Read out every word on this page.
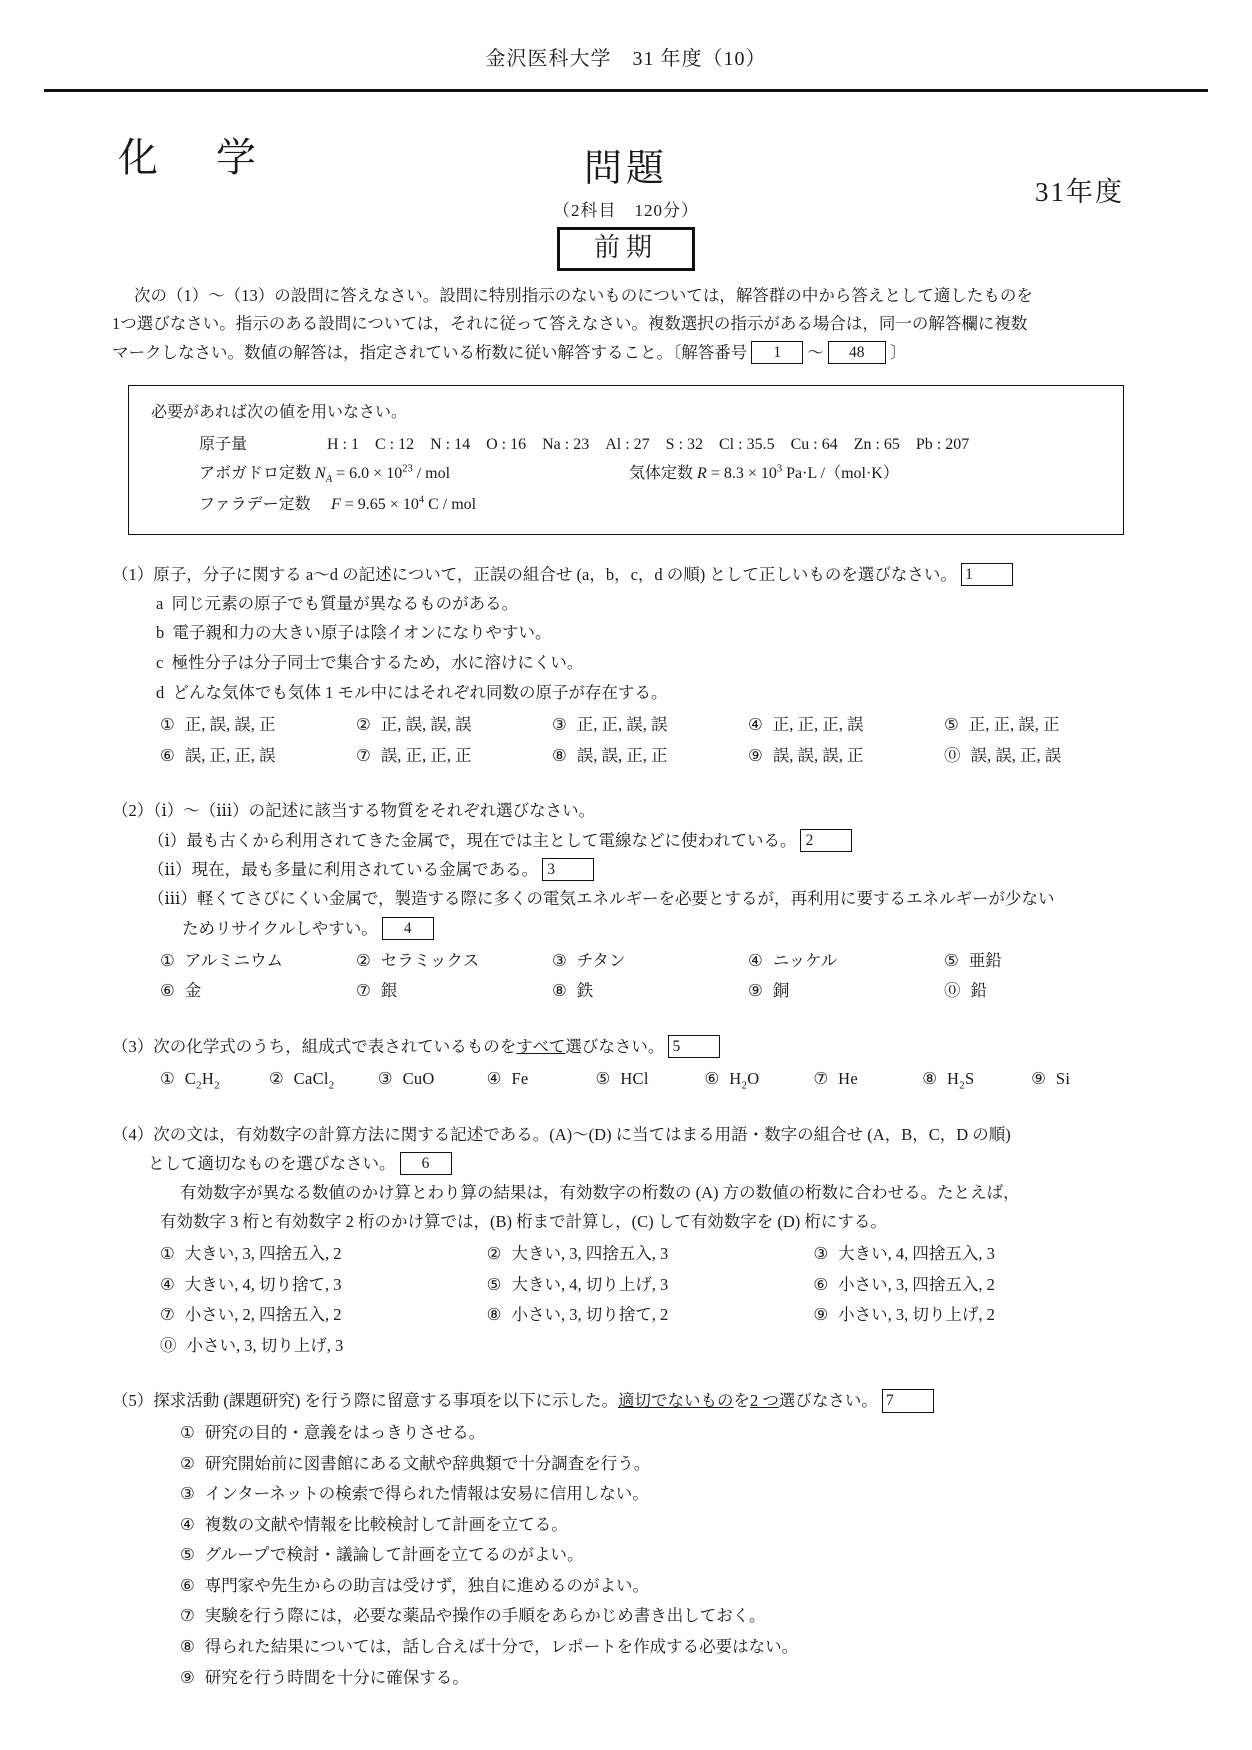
金沢医科大学　31 年度（10）
化 学	問題
（2科目　120分）
前期
31年度
次の（1）～（13）の設問に答えなさい。設問に特別指示のないものについては，解答群の中から答えとして適したものを
1つ選びなさい。指示のある設問については，それに従って答えなさい。複数選択の指示がある場合は，同一の解答欄に複数
マークしなさい。数値の解答は，指定されている桁数に従い解答すること。〔解答番号 1 ～ 48 〕
必要があれば次の値を用いなさい。
原子量	H : 1　C : 12　N : 14　O : 16　Na : 23　Al : 27　S : 32　Cl : 35.5　Cu : 64　Zn : 65　Pb : 207
アボガドロ定数 $N_A = 6.0 \times 10^{23}$ / mol	気体定数 $R = 8.3 \times 10^3$ Pa·L /（mol·K）
ファラデー定数 $F = 9.65 \times 10^4$ C / mol
（1）原子，分子に関する a～d の記述について，正誤の組合せ (a，b，c，d の順) として正しいものを選びなさい。 1
a 同じ元素の原子でも質量が異なるものがある。
b 電子親和力の大きい原子は陰イオンになりやすい。
c 極性分子は分子同士で集合するため，水に溶けにくい。
d どんな気体でも気体 1 モル中にはそれぞれ同数の原子が存在する。
① 正, 誤, 誤, 正	② 正, 誤, 誤, 誤	③ 正, 正, 誤, 誤	④ 正, 正, 正, 誤	⑤ 正, 正, 誤, 正
⑥ 誤, 正, 正, 誤	⑦ 誤, 正, 正, 正	⑧ 誤, 誤, 正, 正	⑨ 誤, 誤, 誤, 正	⓪ 誤, 誤, 正, 誤
（2）（ⅰ）～（ⅲ）の記述に該当する物質をそれぞれ選びなさい。
（ⅰ）最も古くから利用されてきた金属で，現在では主として電線などに使われている。 2
（ⅱ）現在，最も多量に利用されている金属である。 3
（ⅲ）軽くてさびにくい金属で，製造する際に多くの電気エネルギーを必要とするが，再利用に要するエネルギーが少ない
ためリサイクルしやすい。 4
① アルミニウム	② セラミックス	③ チタン	④ ニッケル	⑤ 亜鉛
⑥ 金	⑦ 銀	⑧ 鉄	⑨ 銅	⓪ 鉛
（3）次の化学式のうち，組成式で表されているものをすべて選びなさい。 5
① $C_2H_2$	② CaCl$_2$	③ CuO	④ Fe	⑤ HCl	⑥ $H_2O$	⑦ He	⑧ $H_2S$	⑨ Si
（4）次の文は，有効数字の計算方法に関する記述である。(A)～(D) に当てはまる用語・数字の組合せ (A，B，C，D の順)
として適切なものを選びなさい。 6
有効数字が異なる数値のかけ算とわり算の結果は，有効数字の桁数の (A) 方の数値の桁数に合わせる。たとえば，
有効数字 3 桁と有効数字 2 桁のかけ算では，(B) 桁まで計算し，(C) して有効数字を (D) 桁にする。
① 大きい, 3, 四捨五入, 2	② 大きい, 3, 四捨五入, 3	③ 大きい, 4, 四捨五入, 3
④ 大きい, 4, 切り捨て, 3	⑤ 大きい, 4, 切り上げ, 3	⑥ 小さい, 3, 四捨五入, 2
⑦ 小さい, 2, 四捨五入, 2	⑧ 小さい, 3, 切り捨て, 2	⑨ 小さい, 3, 切り上げ, 2
⓪ 小さい, 3, 切り上げ, 3
（5）探求活動 (課題研究) を行う際に留意する事項を以下に示した。適切でないものを2 つ選びなさい。 7
① 研究の目的・意義をはっきりさせる。
② 研究開始前に図書館にある文献や辞典類で十分調査を行う。
③ インターネットの検索で得られた情報は安易に信用しない。
④ 複数の文献や情報を比較検討して計画を立てる。
⑤ グループで検討・議論して計画を立てるのがよい。
⑥ 専門家や先生からの助言は受けず，独自に進めるのがよい。
⑦ 実験を行う際には，必要な薬品や操作の手順をあらかじめ書き出しておく。
⑧ 得られた結果については，話し合えば十分で，レポートを作成する必要はない。
⑨ 研究を行う時間を十分に確保する。
